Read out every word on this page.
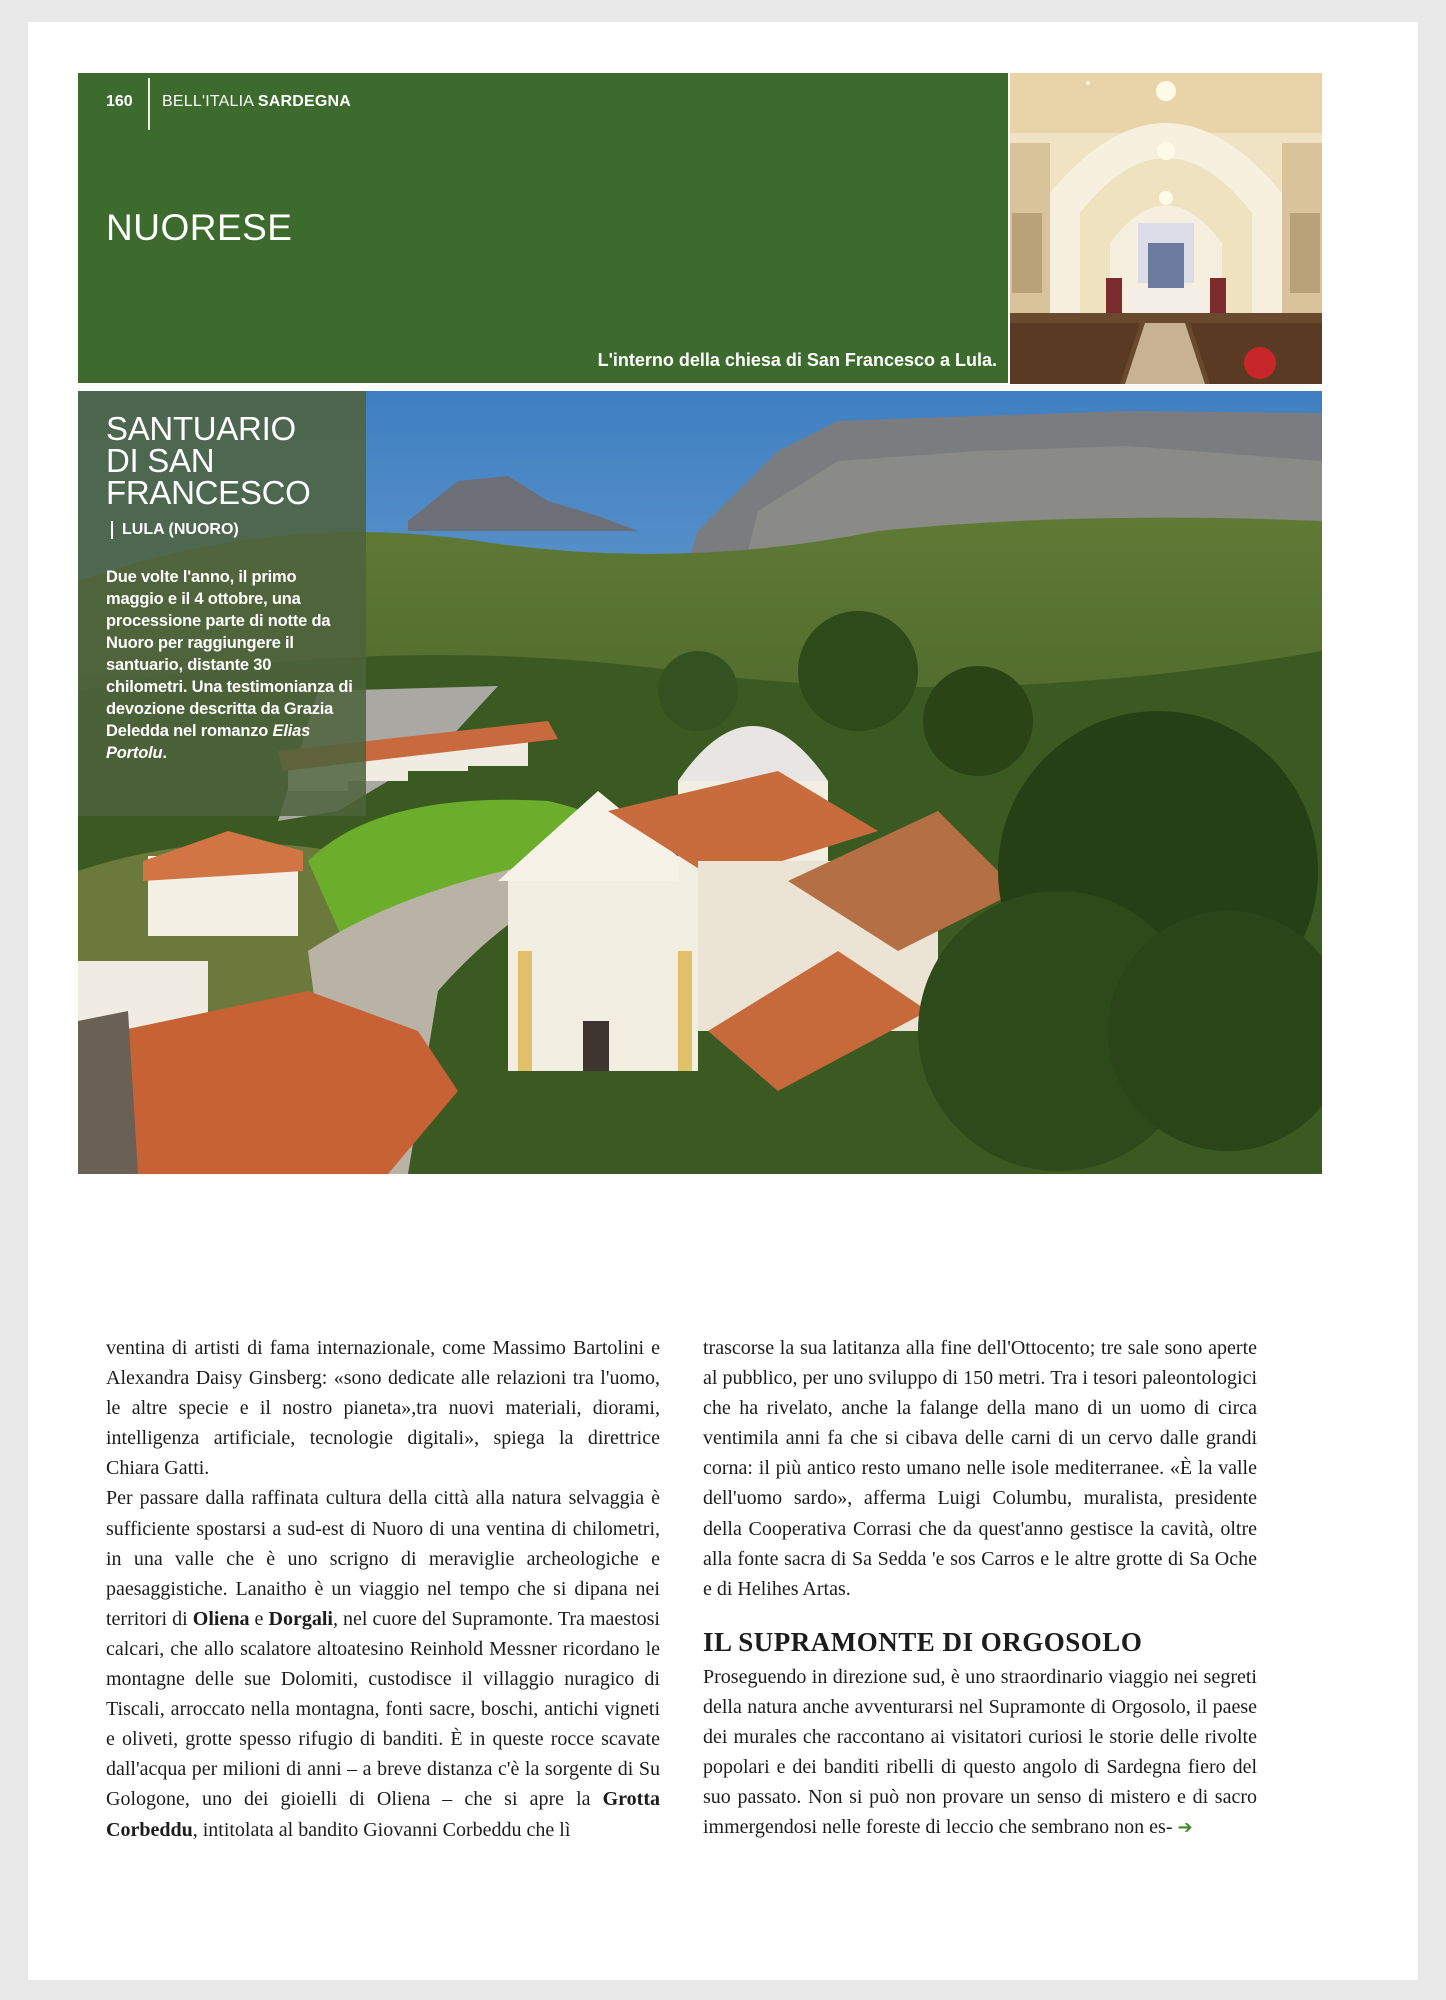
160 BELL'ITALIA SARDEGNA
NUORESE
L'interno della chiesa di San Francesco a Lula.
SANTUARIO
DI SAN
FRANCESCO
LULA (NUORO)
Due volte l'anno, il primo maggio e il 4 ottobre, una processione parte di notte da Nuoro per raggiungere il santuario, distante 30 chilometri. Una testimonianza di devozione descritta da Grazia Deledda nel romanzo Elias Portolu.

ventina di artisti di fama internazionale, come Massimo Bartolini e Alexandra Daisy Ginsberg: «sono dedicate alle relazioni tra l'uomo, le altre specie e il nostro pianeta»,tra nuovi materiali, diorami, intelligenza artificiale, tecnologie digitali», spiega la direttrice Chiara Gatti.

Per passare dalla raffinata cultura della città alla natura selvaggia è sufficiente spostarsi a sud-est di Nuoro di una ventina di chilometri, in una valle che è uno scrigno di meraviglie archeologiche e paesaggistiche. Lanaithо è un viaggio nel tempo che si dipana nei territori di Oliena e Dorgali, nel cuore del Supramonte. Tra maestosi calcari, che allo scalatore altoatesino Reinhold Messner ricordano le montagne delle sue Dolomiti, custodisce il villaggio nuragico di Tiscali, arroccato nella montagna, fonti sacre, boschi, antichi vigneti e oliveti, grotte spesso rifugio di banditi. È in queste rocce scavate dall'acqua per milioni di anni – a breve distanza c'è la sorgente di Su Gologone, uno dei gioielli di Oliena – che si apre la Grotta Corbeddu, intitolata al bandito Giovanni Corbeddu che lì

trascorse la sua latitanza alla fine dell'Ottocento; tre sale sono aperte al pubblico, per uno sviluppo di 150 metri. Tra i tesori paleontologici che ha rivelato, anche la falange della mano di un uomo di circa ventimila anni fa che si cibava delle carni di un cervo dalle grandi corna: il più antico resto umano nelle isole mediterranee. «È la valle dell'uomo sardo», afferma Luigi Columbu, muralista, presidente della Cooperativa Corrasi che da quest'anno gestisce la cavità, oltre alla fonte sacra di Sa Sedda 'e sos Carros e le altre grotte di Sa Oche e di Helihes Artas.

IL SUPRAMONTE DI ORGOSOLO

Proseguendo in direzione sud, è uno straordinario viaggio nei segreti della natura anche avventurarsi nel Supramonte di Orgosolo, il paese dei murales che raccontano ai visitatori curiosi le storie delle rivolte popolari e dei banditi ribelli di questo angolo di Sardegna fiero del suo passato. Non si può non provare un senso di mistero e di sacro immergendosi nelle foreste di leccio che sembrano non es- ➔
